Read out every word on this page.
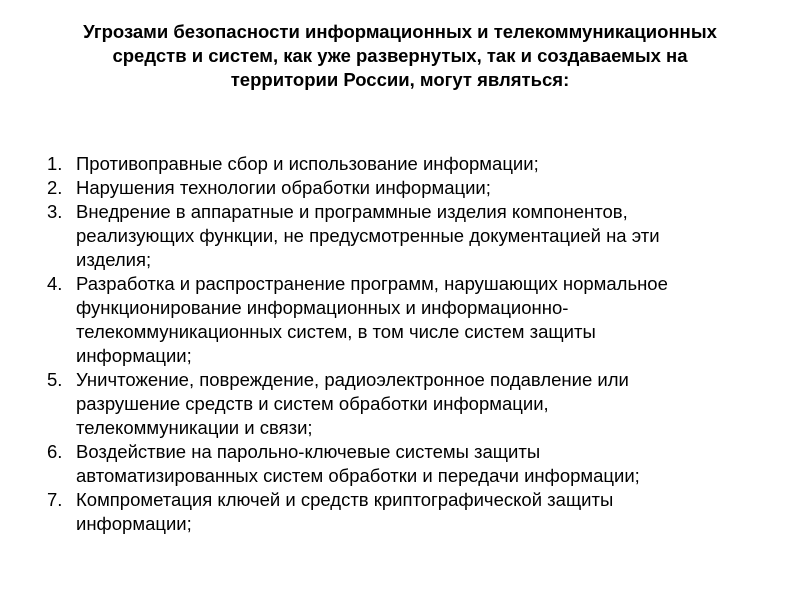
Угрозами безопасности информационных и телекоммуникационных
средств и систем, как уже развернутых, так и создаваемых на
территории России, могут являться:
1. Противоправные сбор и использование информации;
2. Нарушения технологии обработки информации;
3. Внедрение в аппаратные и программные изделия компонентов,
реализующих функции, не предусмотренные документацией на эти
изделия;
4. Разработка и распространение программ, нарушающих нормальное
функционирование информационных и информационно-
телекоммуникационных систем, в том числе систем защиты
информации;
5. Уничтожение, повреждение, радиоэлектронное подавление или
разрушение средств и систем обработки информации,
телекоммуникации и связи;
6. Воздействие на парольно-ключевые системы защиты
автоматизированных систем обработки и передачи информации;
7. Компрометация ключей и средств криптографической защиты
информации;
